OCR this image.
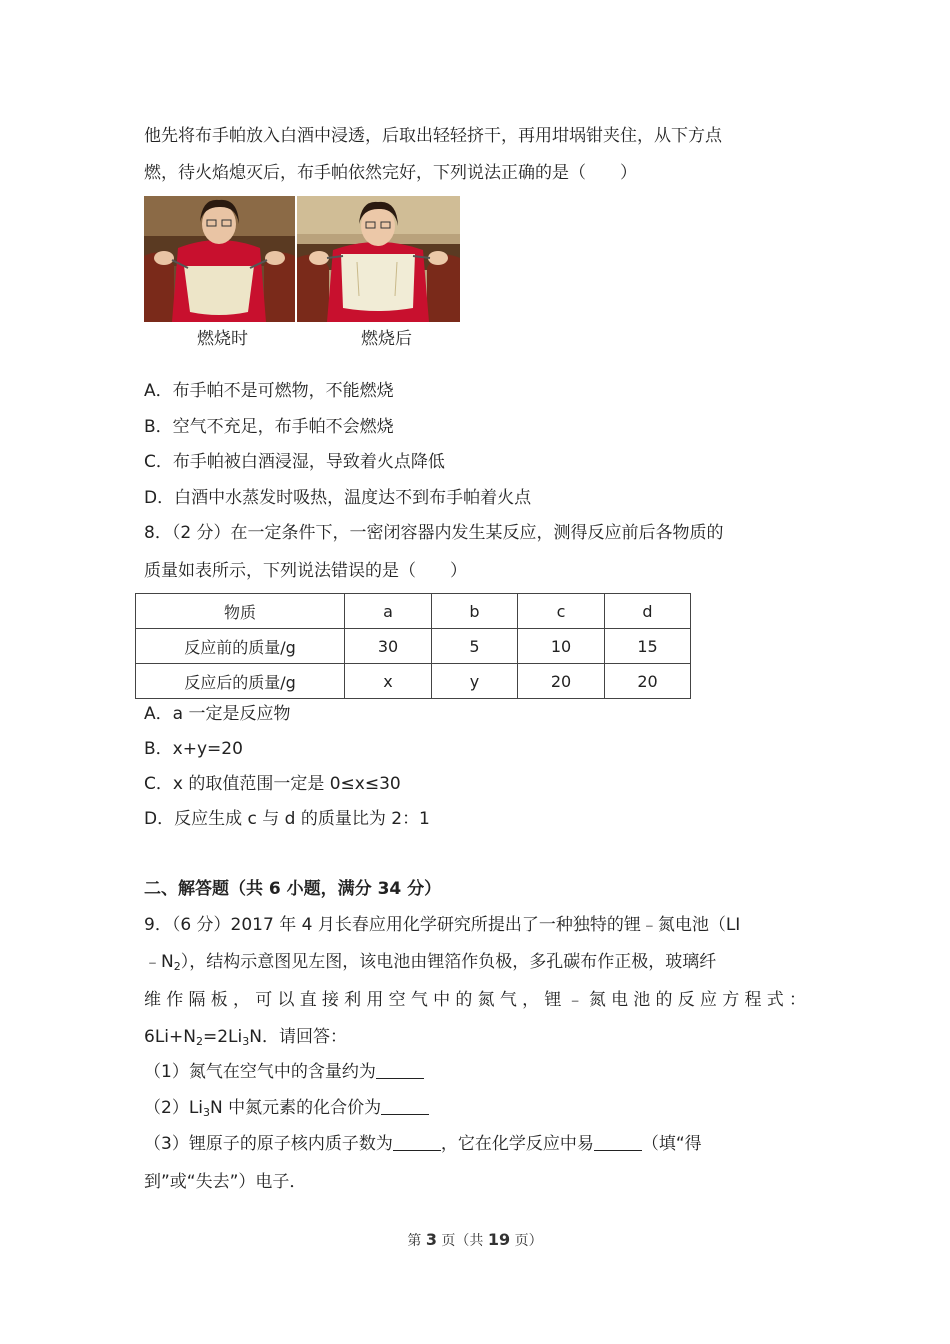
他先将布手帕放入白酒中浸透，后取出轻轻挤干，再用坩埚钳夹住，从下方点
燃，待火焰熄灭后，布手帕依然完好，下列说法正确的是（　　）
燃烧时	燃烧后
A．布手帕不是可燃物，不能燃烧
B．空气不充足，布手帕不会燃烧
C．布手帕被白酒浸湿，导致着火点降低
D．白酒中水蒸发时吸热，温度达不到布手帕着火点
8．（2 分）在一定条件下，一密闭容器内发生某反应，测得反应前后各物质的
质量如表所示，下列说法错误的是（　　）
物质	a	b	c	d
反应前的质量/g	30	5	10	15
反应后的质量/g	x	y	20	20
A．a 一定是反应物
B．x+y=20
C．x 的取值范围一定是 0≤x≤30
D．反应生成 c 与 d 的质量比为 2：1
二、解答题（共 6 小题，满分 34 分）
9．（6 分）2017 年 4 月长春应用化学研究所提出了一种独特的锂﹣氮电池（LI
$﹣N_2$），结构示意图见左图，该电池由锂箔作负极，多孔碳布作正极，玻璃纤
维作隔板，可以直接利用空气中的氮气，锂﹣氮电池的反应方程式：
$6Li+N_2=2Li_3N$．请回答：
（1）氮气在空气中的含量约为
$(2)Li_3N$ 中氮元素的化合价为
（3）锂原子的原子核内质子数为	，它在化学反应中易	（填“得
到”或“失去”）电子．
第 3 页（共 19 页）
